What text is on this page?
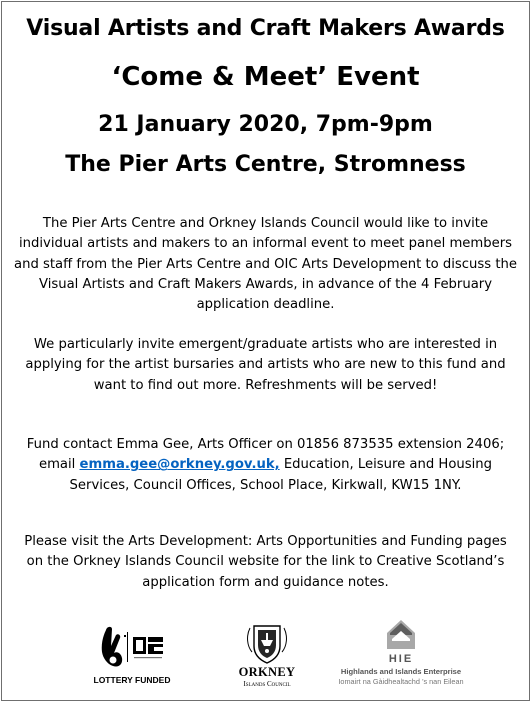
Visual Artists and Craft Makers Awards
‘Come & Meet’ Event
21 January 2020, 7pm-9pm
The Pier Arts Centre, Stromness
The Pier Arts Centre and Orkney Islands Council would like to invite individual artists and makers to an informal event to meet panel members and staff from the Pier Arts Centre and OIC Arts Development to discuss the Visual Artists and Craft Makers Awards, in advance of the 4 February application deadline.
We particularly invite emergent/graduate artists who are interested in applying for the artist bursaries and artists who are new to this fund and want to find out more. Refreshments will be served!
Fund contact Emma Gee, Arts Officer on 01856 873535 extension 2406; email emma.gee@orkney.gov.uk, Education, Leisure and Housing Services, Council Offices, School Place, Kirkwall, KW15 1NY.
Please visit the Arts Development: Arts Opportunities and Funding pages on the Orkney Islands Council website for the link to Creative Scotland’s application form and guidance notes.
LOTTERY FUNDED
ORKNEY
Islands Council
HIE
Highlands and Islands Enterprise
Iomairt na Gàidhealtachd ’s nan Eilean
